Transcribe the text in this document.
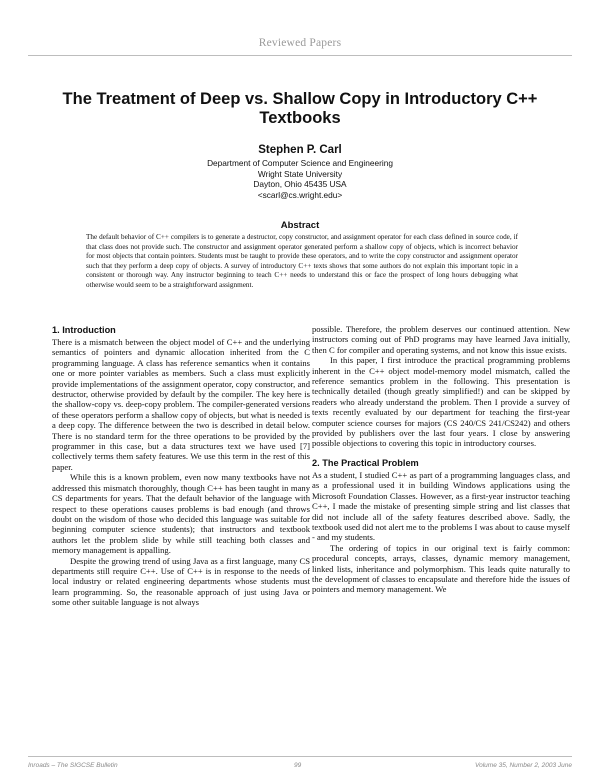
Reviewed Papers
The Treatment of Deep vs. Shallow Copy in Introductory C++ Textbooks
Stephen P. Carl
Department of Computer Science and Engineering
Wright State University
Dayton, Ohio 45435 USA
<scarl@cs.wright.edu>
Abstract

The default behavior of C++ compilers is to generate a destructor, copy constructor, and assignment operator for each class defined in source code, if that class does not provide such. The constructor and assignment operator generated perform a shallow copy of objects, which is incorrect behavior for most objects that contain pointers. Students must be taught to provide these operators, and to write the copy constructor and assignment operator such that they perform a deep copy of objects. A survey of introductory C++ texts shows that some authors do not explain this important topic in a consistent or thorough way. Any instructor beginning to teach C++ needs to understand this or face the prospect of long hours debugging what otherwise would seem to be a straightforward assignment.

1. Introduction

There is a mismatch between the object model of C++ and the underlying semantics of pointers and dynamic allocation inherited from the C programming language. A class has reference semantics when it contains one or more pointer variables as members. Such a class must explicitly provide implementations of the assignment operator, copy constructor, and destructor, otherwise provided by default by the compiler. The key here is the shallow-copy vs. deep-copy problem. The compiler-generated versions of these operators perform a shallow copy of objects, but what is needed is a deep copy. The difference between the two is described in detail below. There is no standard term for the three operations to be provided by the programmer in this case, but a data structures text we have used [7] collectively terms them safety features. We use this term in the rest of this paper.

While this is a known problem, even now many textbooks have not addressed this mismatch thoroughly, though C++ has been taught in many CS departments for years. That the default behavior of the language with respect to these operations causes problems is bad enough (and throws doubt on the wisdom of those who decided this language was suitable for beginning computer science students); that instructors and textbook authors let the problem slide by while still teaching both classes and memory management is appalling.

Despite the growing trend of using Java as a first language, many CS departments still require C++. Use of C++ is in response to the needs of local industry or related engineering departments whose students must learn programming. So, the reasonable approach of just using Java or some other suitable language is not always

possible. Therefore, the problem deserves our continued attention. New instructors coming out of PhD programs may have learned Java initially, then C for compiler and operating systems, and not know this issue exists.

In this paper, I first introduce the practical programming problems inherent in the C++ object model-memory model mismatch, called the reference semantics problem in the following. This presentation is technically detailed (though greatly simplified!) and can be skipped by readers who already understand the problem. Then I provide a survey of texts recently evaluated by our department for teaching the first-year computer science courses for majors (CS 240/CS 241/CS242) and others provided by publishers over the last four years. I close by answering possible objections to covering this topic in introductory courses.

2. The Practical Problem

As a student, I studied C++ as part of a programming languages class, and as a professional used it in building Windows applications using the Microsoft Foundation Classes. However, as a first-year instructor teaching C++, I made the mistake of presenting simple string and list classes that did not include all of the safety features described above. Sadly, the textbook used did not alert me to the problems I was about to cause myself - and my students.

The ordering of topics in our original text is fairly common: procedural concepts, arrays, classes, dynamic memory management, linked lists, inheritance and polymorphism. This leads quite naturally to the development of classes to encapsulate and therefore hide the issues of pointers and memory management. We

Inroads – The SIGCSE Bulletin	99	Volume 35, Number 2, 2003 June
